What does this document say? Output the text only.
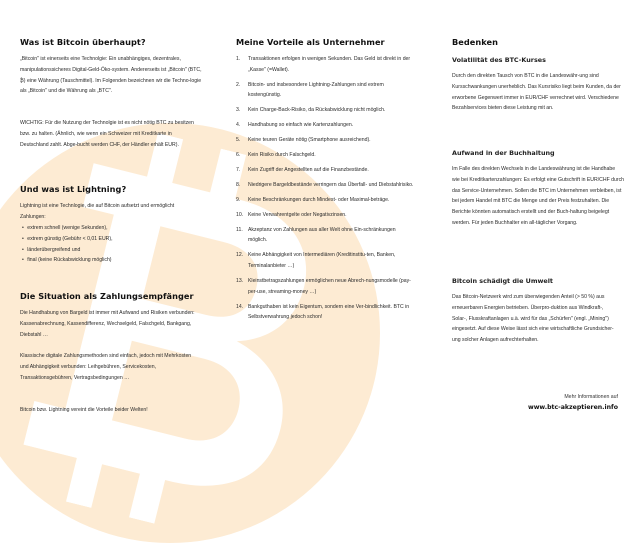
Was ist Bitcoin überhaupt?

„Bitcoin" ist einerseits eine Technolgie: Ein unabhängiges, dezentrales, manipulationssicheres Digital-Geld-Öko-system. Andererseits ist „Bitcoin" (BTC, ₿) eine Währung (Tauschmittel). Im Folgenden bezeichnen wir die Techno-logie als „Bitcoin" und die Währung als „BTC".

WICHTIG: Für die Nutzung der Technolgie ist es nicht nötig BTC zu besitzen bzw. zu halten. (Ähnlich, wie wenn ein Schweizer mit Kreditkarte in Deutschland zahlt. Abge-bucht werden CHF, der Händler erhält EUR).

Und was ist Lightning?

Lightning ist eine Technlogie, die auf Bitcoin aufsetzt und ermöglicht Zahlungen:

• extrem schnell (wenige Sekunden),
• extrem günstig (Gebühr < 0,01 EUR),
• länderübergreifend und
• final (keine Rückabwicklung möglich)
Die Situation als Zahlungsempfänger

Die Handhabung von Bargeld ist immer mit Aufwand und Risiken verbunden: Kassenabrechnung, Kassendifferenz, Wechselgeld, Falschgeld, Bankgang, Diebstahl …

Klassische digitale Zahlungsmethoden sind einfach, jedoch mit Mehrkosten und Abhängigkeit verbunden: Leihgebühren, Servicekosten, Transaktionsgebühren, Vertragsbedingungen …

Bitcoin bzw. Lightning vereint die Vorteile beider Welten!

Meine Vorteile als Unternehmer
1.	Transaktionen erfolgen in wenigen Sekunden. Das Geld ist direkt in der „Kasse" (=Wallet).
2.	Bitcoin- und insbesondere Lightning-Zahlungen sind extrem kostengünstig.
3.	Kein Charge-Back-Risiko, da Rückabwicklung nicht möglich.
4.	Handhabung so einfach wie Kartenzahlungen.
5.	Keine teuren Geräte nötig (Smartphone ausreichend).
6.	Kein Risiko durch Falschgeld.
7.	Kein Zugriff der Angestellten auf die Finanzbestände.
8.	Niedrigere Bargeldbestände verringern das Überfall- und Diebstahlrisiko.
9.	Keine Beschränkungen durch Mindest- oder Maximal-beträge.
10. Keine Verwahrentgelte oder Negativzinsen.
11.	Akzeptanz von Zahlungen aus aller Welt ohne Ein-schränkungen möglich.
12. Keine Abhängigkeit von Intermediären (Kreditinstitu-ten, Banken, Terminalanbieter …)
13. Kleinstbetragszahlungen ermöglichen neue Abrech-nungsmodelle (pay-per-use, streaming-money …)
14. Bankguthaben ist kein Eigentum, sondern eine Ver-bindlichkeit. BTC in Selbstverwahrung jedoch schon!
Bedenken
Volatilität des BTC-Kurses

Durch den direkten Tausch von BTC in die Landeswähr-ung sind Kursschwankungen unerheblich. Das Kursrisiko liegt beim Kunden, da der erworbene Gegenwert immer in EUR/CHF verrechnet wird. Verschiedene Bezahlservices bieten diese Leistung mit an.

Aufwand in der Buchhaltung

Im Falle des direkten Wechsels in die Landeswährung ist die Handhabe wie bei Kreditkartenzahlungen: Es erfolgt eine Gutschrift in EUR/CHF durch das Service-Unternehmen. Sollen die BTC im Unternehmen verbleiben, ist bei jedem Handel mit BTC die Menge und der Preis festzuhalten. Die Berichte könnten automatisch erstellt und der Buch-haltung beigelegt werden. Für jeden Buchhalter ein all-täglicher Vorgang.

Bitcoin schädigt die Umwelt

Das Bitcoin-Netzwerk wird zum überwiegenden Anteil (> 50 %) aus erneuerbaren Energien betrieben. Überpro-duktion aus Windkraft-, Solar-, Flusskraftanlagen u.ä. wird für das „Schürfen" (engl. „Mining") eingesetzt. Auf diese Weise lässt sich eine wirtschaftliche Grundsicher-ung solcher Anlagen aufrechterhalten.

Mehr Informationen auf
www.btc-akzeptieren.info
